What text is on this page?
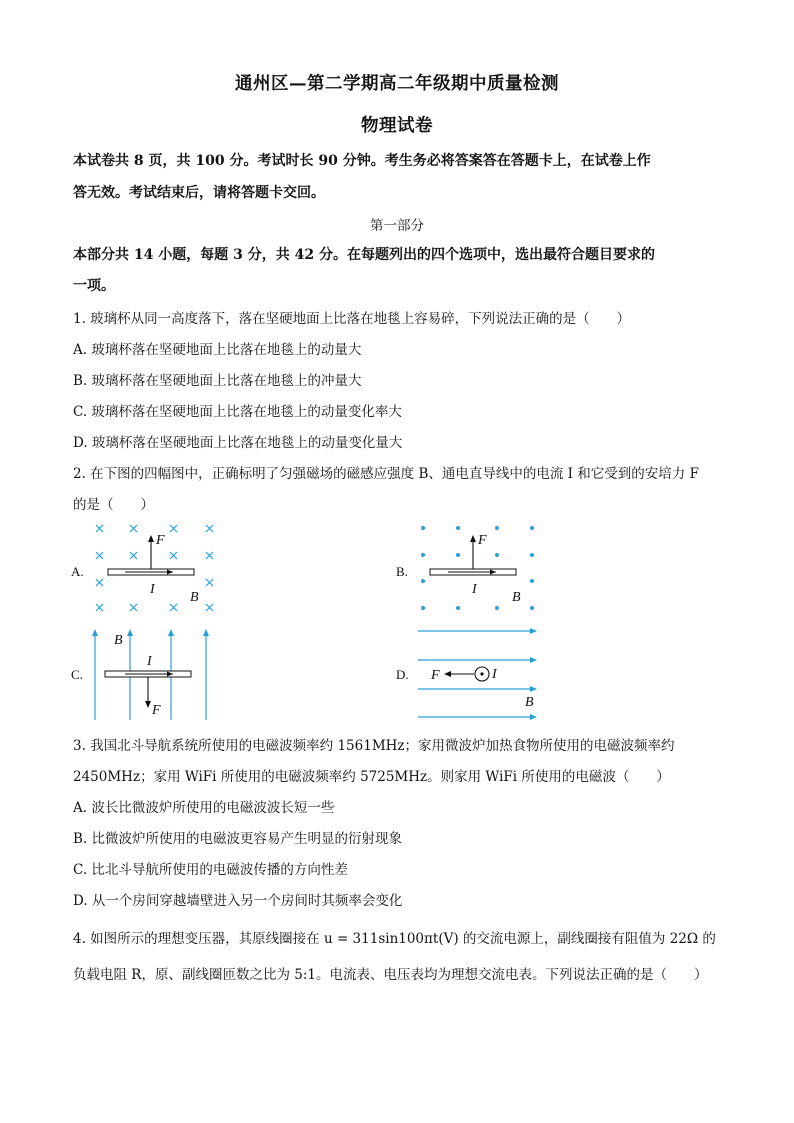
通州区—第二学期高二年级期中质量检测
物理试卷
本试卷共 8 页，共 100 分。考试时长 90 分钟。考生务必将答案答在答题卡上，在试卷上作
答无效。考试结束后，请将答题卡交回。
第一部分
本部分共 14 小题，每题 3 分，共 42 分。在每题列出的四个选项中，选出最符合题目要求的
一项。
1. 玻璃杯从同一高度落下，落在坚硬地面上比落在地毯上容易碎，下列说法正确的是（　　）
A. 玻璃杯落在坚硬地面上比落在地毯上的动量大
B. 玻璃杯落在坚硬地面上比落在地毯上的冲量大
C. 玻璃杯落在坚硬地面上比落在地毯上的动量变化率大
D. 玻璃杯落在坚硬地面上比落在地毯上的动量变化量大
2. 在下图的四幅图中，正确标明了匀强磁场的磁感应强度 B、通电直导线中的电流 I 和它受到的安培力 F
的是（　　）
A.	B.
C.	D.
F
I
B
F
I
B
F
I
B
F	I
B
3. 我国北斗导航系统所使用的电磁波频率约 1561MHz；家用微波炉加热食物所使用的电磁波频率约
2450MHz；家用 WiFi 所使用的电磁波频率约 5725MHz。则家用 WiFi 所使用的电磁波（　　）
A. 波长比微波炉所使用的电磁波波长短一些
B. 比微波炉所使用的电磁波更容易产生明显的衍射现象
C. 比北斗导航所使用的电磁波传播的方向性差
D. 从一个房间穿越墙壁进入另一个房间时其频率会变化
4. 如图所示的理想变压器，其原线圈接在 u = 311sin100πt(V) 的交流电源上，副线圈接有阻值为 22Ω 的
负载电阻 R，原、副线圈匝数之比为 5:1。电流表、电压表均为理想交流电表。下列说法正确的是（　　）
